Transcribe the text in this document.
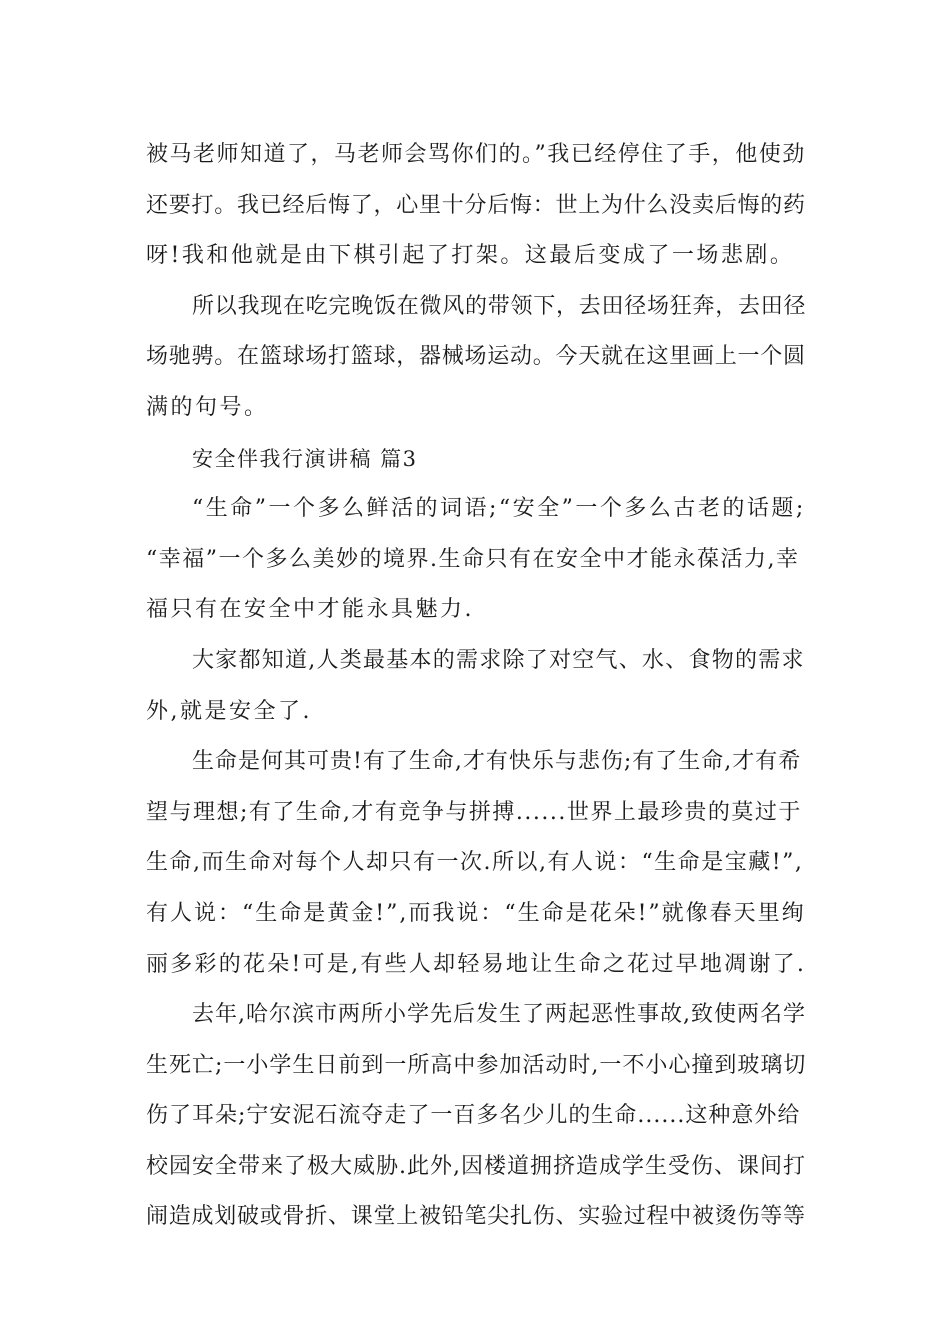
被马老师知道了，马老师会骂你们的。”我已经停住了手，他使劲
还要打。我已经后悔了，心里十分后悔：世上为什么没卖后悔的药
呀!我和他就是由下棋引起了打架。这最后变成了一场悲剧。

所以我现在吃完晚饭在微风的带领下，去田径场狂奔，去田径
场驰骋。在篮球场打篮球，器械场运动。今天就在这里画上一个圆
满的句号。

安全伴我行演讲稿 篇3

“生命”一个多么鲜活的词语;“安全”一个多么古老的话题;
“幸福”一个多么美妙的境界.生命只有在安全中才能永葆活力,幸
福只有在安全中才能永具魅力.

大家都知道,人类最基本的需求除了对空气、水、食物的需求
外,就是安全了.

生命是何其可贵!有了生命,才有快乐与悲伤;有了生命,才有希
望与理想;有了生命,才有竞争与拼搏......世界上最珍贵的莫过于
生命,而生命对每个人却只有一次.所以,有人说：“生命是宝藏!”,
有人说：“生命是黄金!”,而我说：“生命是花朵!”就像春天里绚
丽多彩的花朵!可是,有些人却轻易地让生命之花过早地凋谢了.

去年,哈尔滨市两所小学先后发生了两起恶性事故,致使两名学
生死亡;一小学生日前到一所高中参加活动时,一不小心撞到玻璃切
伤了耳朵;宁安泥石流夺走了一百多名少儿的生命......这种意外给
校园安全带来了极大威胁.此外,因楼道拥挤造成学生受伤、课间打
闹造成划破或骨折、课堂上被铅笔尖扎伤、实验过程中被烫伤等等
